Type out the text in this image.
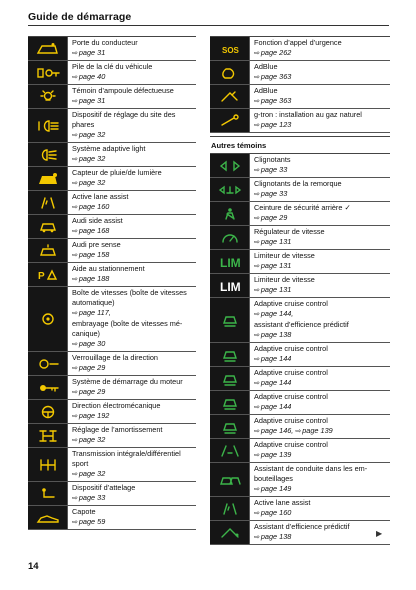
Guide de démarrage
Porte du conducteur
⇨page 31
Pile de la clé du véhicule
⇨page 40
Témoin d’ampoule défectueuse
⇨page 31
Dispositif de réglage du site des
phares
⇨page 32
Système adaptive light
⇨page 32
Capteur de pluie/de lumière
⇨page 32
Active lane assist
⇨page 160
Audi side assist
⇨page 168
Audi pre sense
⇨page 158
P
Aide au stationnement
⇨page 188
Boîte de vitesses (boîte de vitesses
automatique)
⇨page 117,
embrayage (boîte de vitesses mé-
canique)
⇨page 30
Verrouillage de la direction
⇨page 29
Système de démarrage du moteur
⇨page 29
Direction électromécanique
⇨page 192
Réglage de l’amortissement
⇨page 32
Transmission intégrale/différentiel
sport
⇨page 32
Dispositif d’attelage
⇨page 33
Capote
⇨page 59
SOS
Fonction d’appel d’urgence
⇨page 262
AdBlue
⇨page 363
AdBlue
⇨page 363
g-tron : installation au gaz naturel
⇨page 123
Autres témoins
Clignotants
⇨page 33
Clignotants de la remorque
⇨page 33
Ceinture de sécurité arrière ✓
⇨page 29
Régulateur de vitesse
⇨page 131
LIM Limiteur de vitesse
⇨page 131
LIM Limiteur de vitesse
⇨page 131
Adaptive cruise control
⇨page 144,
assistant d’efficience prédictif
⇨page 138
Adaptive cruise control
⇨page 144
Adaptive cruise control
⇨page 144
Adaptive cruise control
⇨page 144
Adaptive cruise control
⇨page 146, ⇨page 139
Adaptive cruise control
⇨page 139
Assistant de conduite dans les em-
bouteillages
⇨page 149
Active lane assist
⇨page 160
Assistant d’efficience prédictif
⇨page 138	▶
14
